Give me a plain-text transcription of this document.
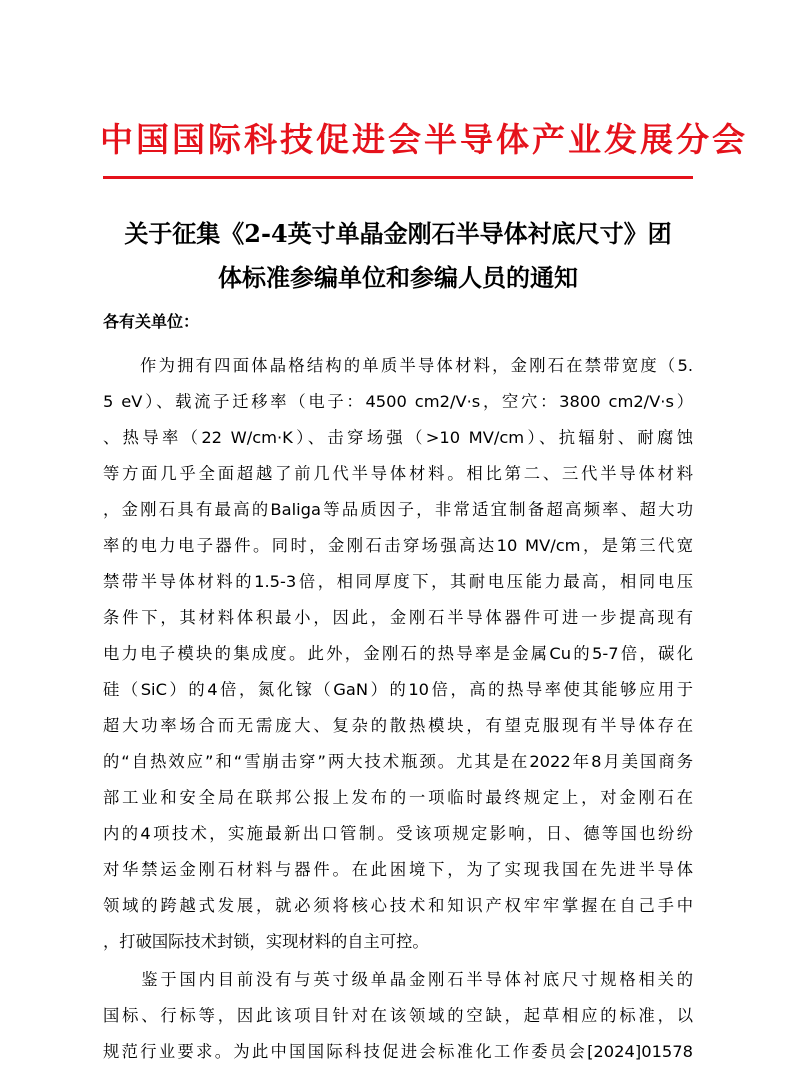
中国国际科技促进会半导体产业发展分会
关于征集《2-4英寸单晶金刚石半导体衬底尺寸》团
体标准参编单位和参编人员的通知
各有关单位：
　　作为拥有四面体晶格结构的单质半导体材料，金刚石在禁带宽度（5.
5 eV）、载流子迁移率（电子：4500 cm2/V·s，空穴：3800 cm2/V·s）
、热导率（22 W/cm·K）、击穿场强（>10 MV/cm）、抗辐射、耐腐蚀
等方面几乎全面超越了前几代半导体材料。相比第二、三代半导体材料
，金刚石具有最高的Baliga等品质因子，非常适宜制备超高频率、超大功
率的电力电子器件。同时，金刚石击穿场强高达10 MV/cm，是第三代宽
禁带半导体材料的1.5-3倍，相同厚度下，其耐电压能力最高，相同电压
条件下，其材料体积最小，因此，金刚石半导体器件可进一步提高现有
电力电子模块的集成度。此外，金刚石的热导率是金属Cu的5-7倍，碳化
硅（SiC）的4倍，氮化镓（GaN）的10倍，高的热导率使其能够应用于
超大功率场合而无需庞大、复杂的散热模块，有望克服现有半导体存在
的“自热效应”和“雪崩击穿”两大技术瓶颈。尤其是在2022年8月美国商务
部工业和安全局在联邦公报上发布的一项临时最终规定上，对金刚石在
内的4项技术，实施最新出口管制。受该项规定影响，日、德等国也纷纷
对华禁运金刚石材料与器件。在此困境下，为了实现我国在先进半导体
领域的跨越式发展，就必须将核心技术和知识产权牢牢掌握在自己手中
，打破国际技术封锁，实现材料的自主可控。
　　鉴于国内目前没有与英寸级单晶金刚石半导体衬底尺寸规格相关的
国标、行标等，因此该项目针对在该领域的空缺，起草相应的标准，以
规范行业要求。为此中国国际科技促进会标准化工作委员会[2024]01578
